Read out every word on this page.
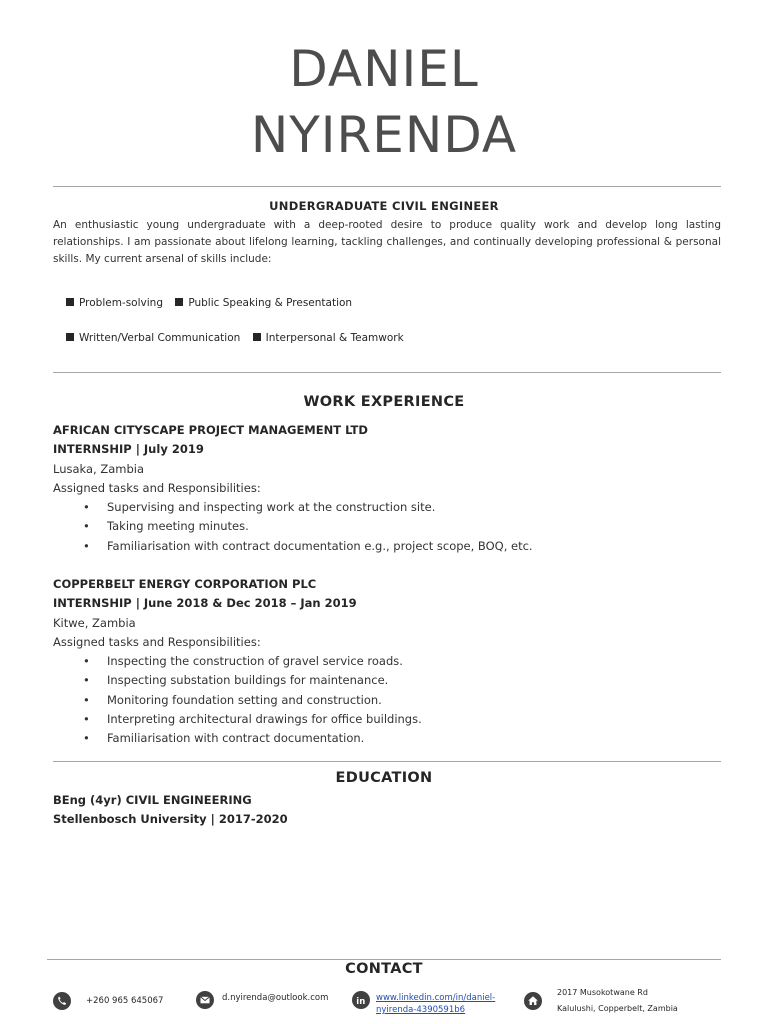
DANIEL
NYIRENDA
UNDERGRADUATE CIVIL ENGINEER
An enthusiastic young undergraduate with a deep-rooted desire to produce quality work and develop long lasting relationships. I am passionate about lifelong learning, tackling challenges, and continually developing professional & personal skills. My current arsenal of skills include:
Problem-solving Public Speaking & Presentation
Written/Verbal Communication Interpersonal & Teamwork
WORK EXPERIENCE
AFRICAN CITYSCAPE PROJECT MANAGEMENT LTD
INTERNSHIP | July 2019
Lusaka, Zambia
Assigned tasks and Responsibilities:
• Supervising and inspecting work at the construction site.
• Taking meeting minutes.
• Familiarisation with contract documentation e.g., project scope, BOQ, etc.
COPPERBELT ENERGY CORPORATION PLC
INTERNSHIP | June 2018 & Dec 2018 – Jan 2019
Kitwe, Zambia
Assigned tasks and Responsibilities:
• Inspecting the construction of gravel service roads.
• Inspecting substation buildings for maintenance.
• Monitoring foundation setting and construction.
• Interpreting architectural drawings for office buildings.
• Familiarisation with contract documentation.
EDUCATION
BEng (4yr) CIVIL ENGINEERING
Stellenbosch University | 2017-2020
CONTACT
+260 965 645067	d.nyirenda@outlook.com	in www.linkedin.com/in/daniel-
nyirenda-4390591b6
2017 Musokotwane Rd
Kalulushi, Copperbelt, Zambia
